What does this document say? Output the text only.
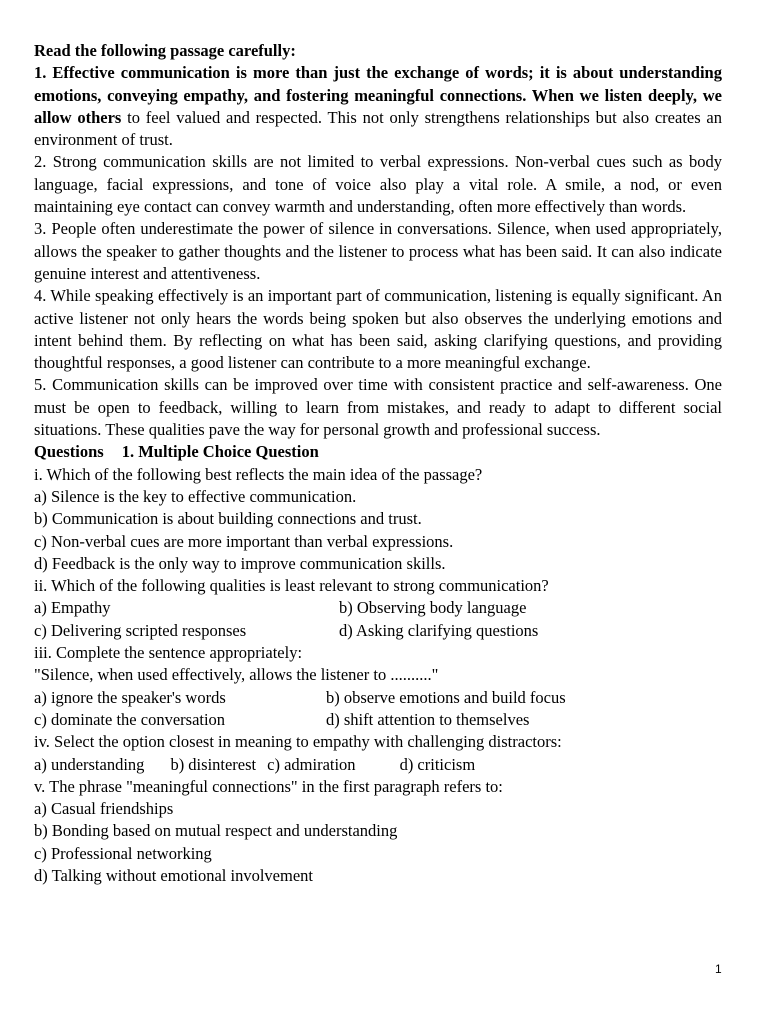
Read the following passage carefully:

1. Effective communication is more than just the exchange of words; it is about understanding emotions, conveying empathy, and fostering meaningful connections. When we listen deeply, we allow others to feel valued and respected. This not only strengthens relationships but also creates an environment of trust.

2. Strong communication skills are not limited to verbal expressions. Non-verbal cues such as body language, facial expressions, and tone of voice also play a vital role. A smile, a nod, or even maintaining eye contact can convey warmth and understanding, often more effectively than words.

3. People often underestimate the power of silence in conversations. Silence, when used appropriately, allows the speaker to gather thoughts and the listener to process what has been said. It can also indicate genuine interest and attentiveness.

4. While speaking effectively is an important part of communication, listening is equally significant. An active listener not only hears the words being spoken but also observes the underlying emotions and intent behind them. By reflecting on what has been said, asking clarifying questions, and providing thoughtful responses, a good listener can contribute to a more meaningful exchange.

5. Communication skills can be improved over time with consistent practice and self-awareness. One must be open to feedback, willing to learn from mistakes, and ready to adapt to different social situations. These qualities pave the way for personal growth and professional success.

Questions 1. Multiple Choice Question

i. Which of the following best reflects the main idea of the passage?

a) Silence is the key to effective communication.

b) Communication is about building connections and trust.

c) Non-verbal cues are more important than verbal expressions.

d) Feedback is the only way to improve communication skills.

ii. Which of the following qualities is least relevant to strong communication?

a) Empathy	b) Observing body language
c) Delivering scripted responses	d) Asking clarifying questions

iii. Complete the sentence appropriately:

"Silence, when used effectively, allows the listener to .........."

a) ignore the speaker's words	b) observe emotions and build focus
c) dominate the conversation	d) shift attention to themselves

iv. Select the option closest in meaning to empathy with challenging distractors:

a) understanding b) disinterest c) admiration	d) criticism

v. The phrase "meaningful connections" in the first paragraph refers to:

a) Casual friendships

b) Bonding based on mutual respect and understanding

c) Professional networking

d) Talking without emotional involvement

1
